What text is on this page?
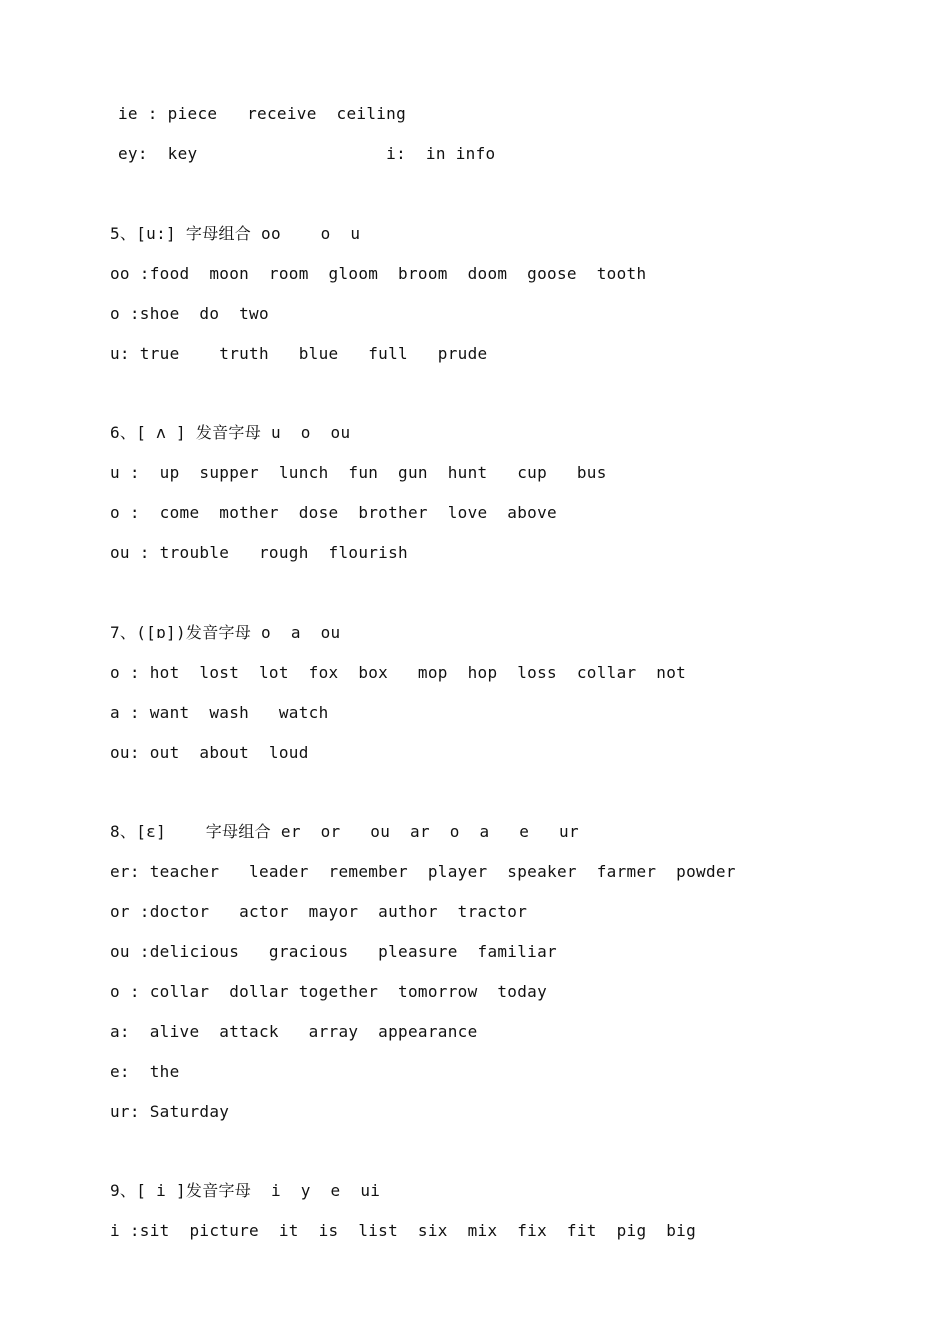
ie : piece   receive  ceiling
ey:  key                   i:  in info
5、[u:] 字母组合 oo    o  u
oo :food  moon  room  gloom  broom  doom  goose  tooth
o :shoe  do  two
u: true    truth   blue   full   prude
6、[ ʌ ] 发音字母 u  o  ou
u :  up  supper  lunch  fun  gun  hunt   cup   bus
o :  come  mother  dose  brother  love  above
ou : trouble   rough  flourish
7、([ɒ])发音字母 o  a  ou
o : hot  lost  lot  fox  box   mop  hop  loss  collar  not
a : want  wash   watch
ou: out  about  loud
8、[ɛ]    字母组合 er  or   ou  ar  o  a   e   ur
er: teacher   leader  remember  player  speaker  farmer  powder
or :doctor   actor  mayor  author  tractor
ou :delicious   gracious   pleasure  familiar
o : collar  dollar together  tomorrow  today
a:  alive  attack   array  appearance
e:  the
ur: Saturday
9、[ i ]发音字母  i  y  e  ui
i :sit  picture  it  is  list  six  mix  fix  fit  pig  big
